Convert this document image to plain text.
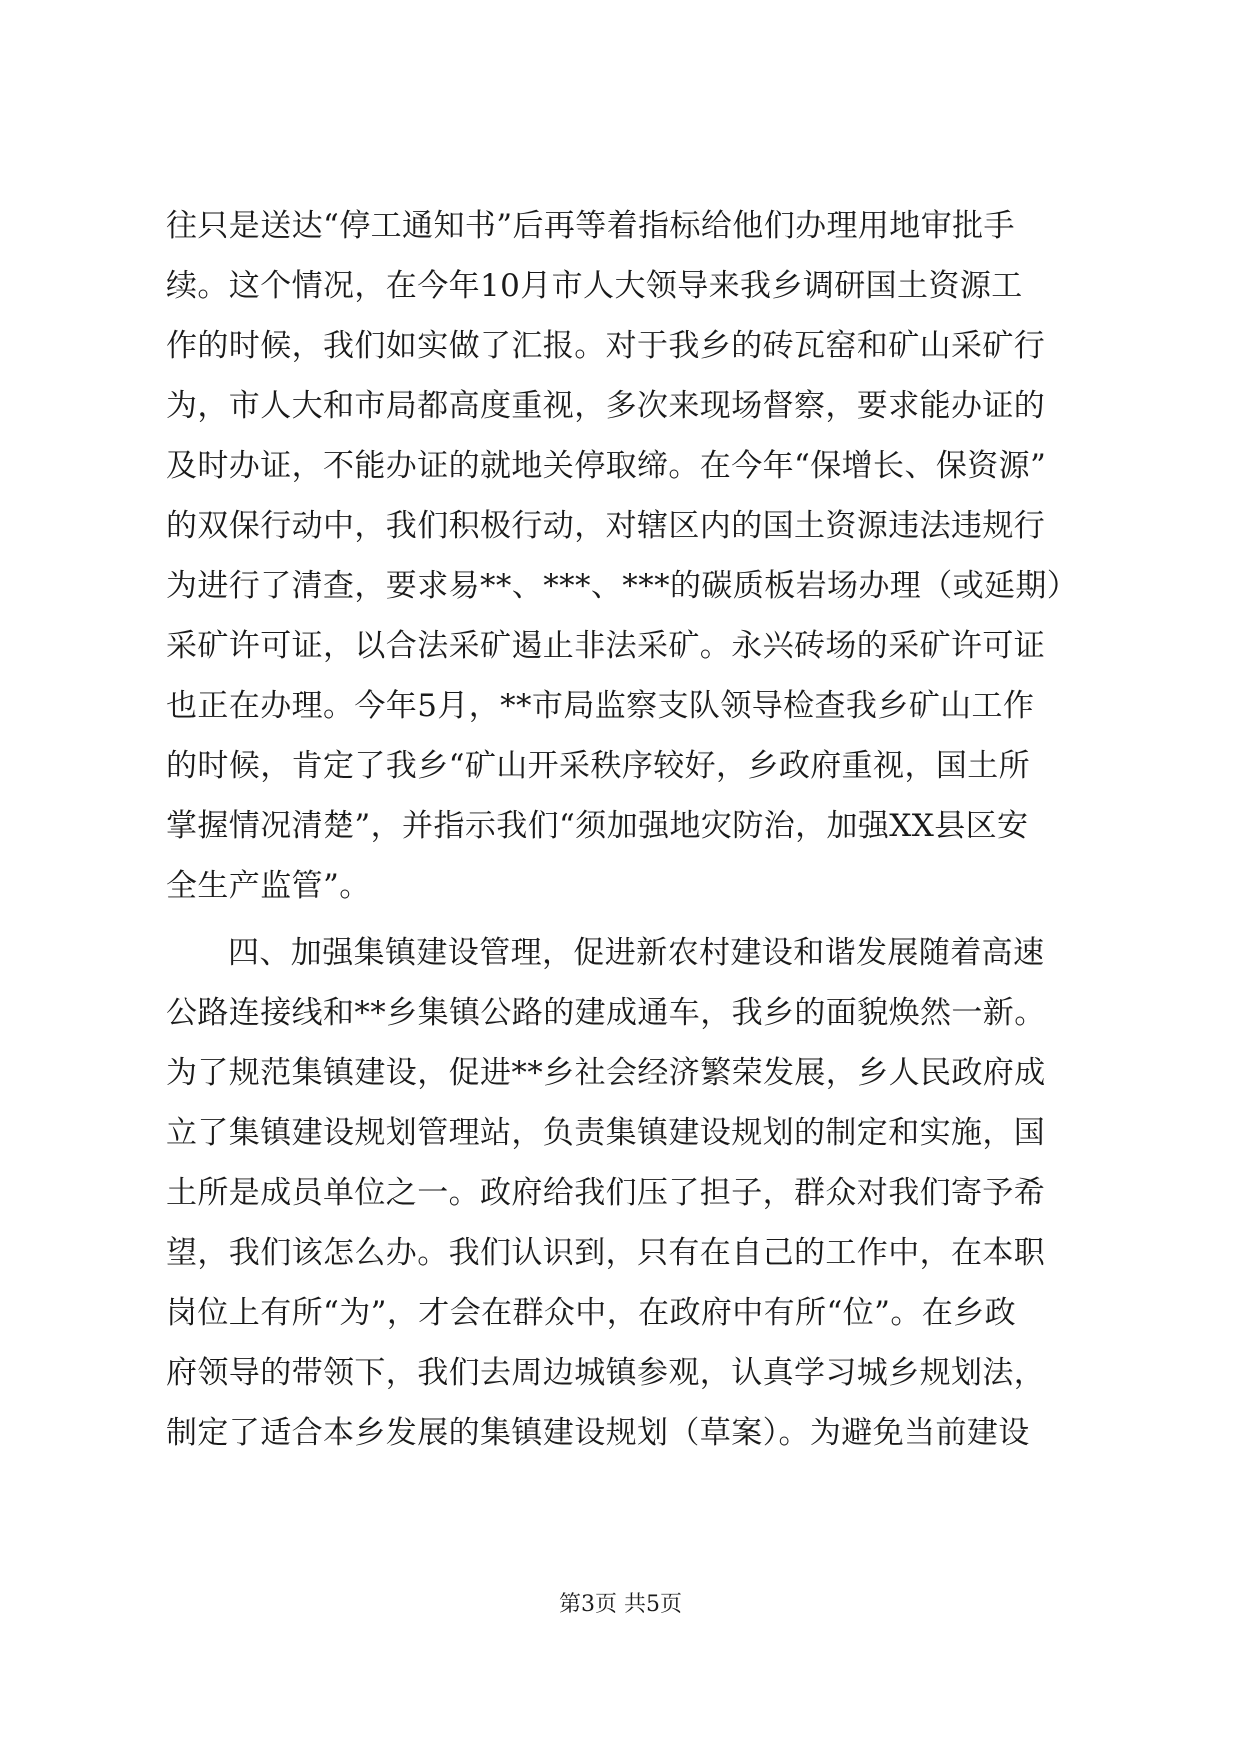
往只是送达“停工通知书”后再等着指标给他们办理用地审批手
续。这个情况，在今年10月市人大领导来我乡调研国土资源工
作的时候，我们如实做了汇报。对于我乡的砖瓦窑和矿山采矿行
为，市人大和市局都高度重视，多次来现场督察，要求能办证的
及时办证，不能办证的就地关停取缔。在今年“保增长、保资源”
的双保行动中，我们积极行动，对辖区内的国土资源违法违规行
为进行了清查，要求易**、***、***的碳质板岩场办理（或延期）
采矿许可证，以合法采矿遏止非法采矿。永兴砖场的采矿许可证
也正在办理。今年5月，**市局监察支队领导检查我乡矿山工作
的时候，肯定了我乡“矿山开采秩序较好，乡政府重视，国土所
掌握情况清楚”，并指示我们“须加强地灾防治，加强XX县区安
全生产监管”。
四、加强集镇建设管理，促进新农村建设和谐发展随着高速
公路连接线和**乡集镇公路的建成通车，我乡的面貌焕然一新。
为了规范集镇建设，促进**乡社会经济繁荣发展，乡人民政府成
立了集镇建设规划管理站，负责集镇建设规划的制定和实施，国
土所是成员单位之一。政府给我们压了担子，群众对我们寄予希
望，我们该怎么办。我们认识到，只有在自己的工作中，在本职
岗位上有所“为”，才会在群众中，在政府中有所“位”。在乡政
府领导的带领下，我们去周边城镇参观，认真学习城乡规划法，
制定了适合本乡发展的集镇建设规划（草案）。为避免当前建设
第3页 共5页
